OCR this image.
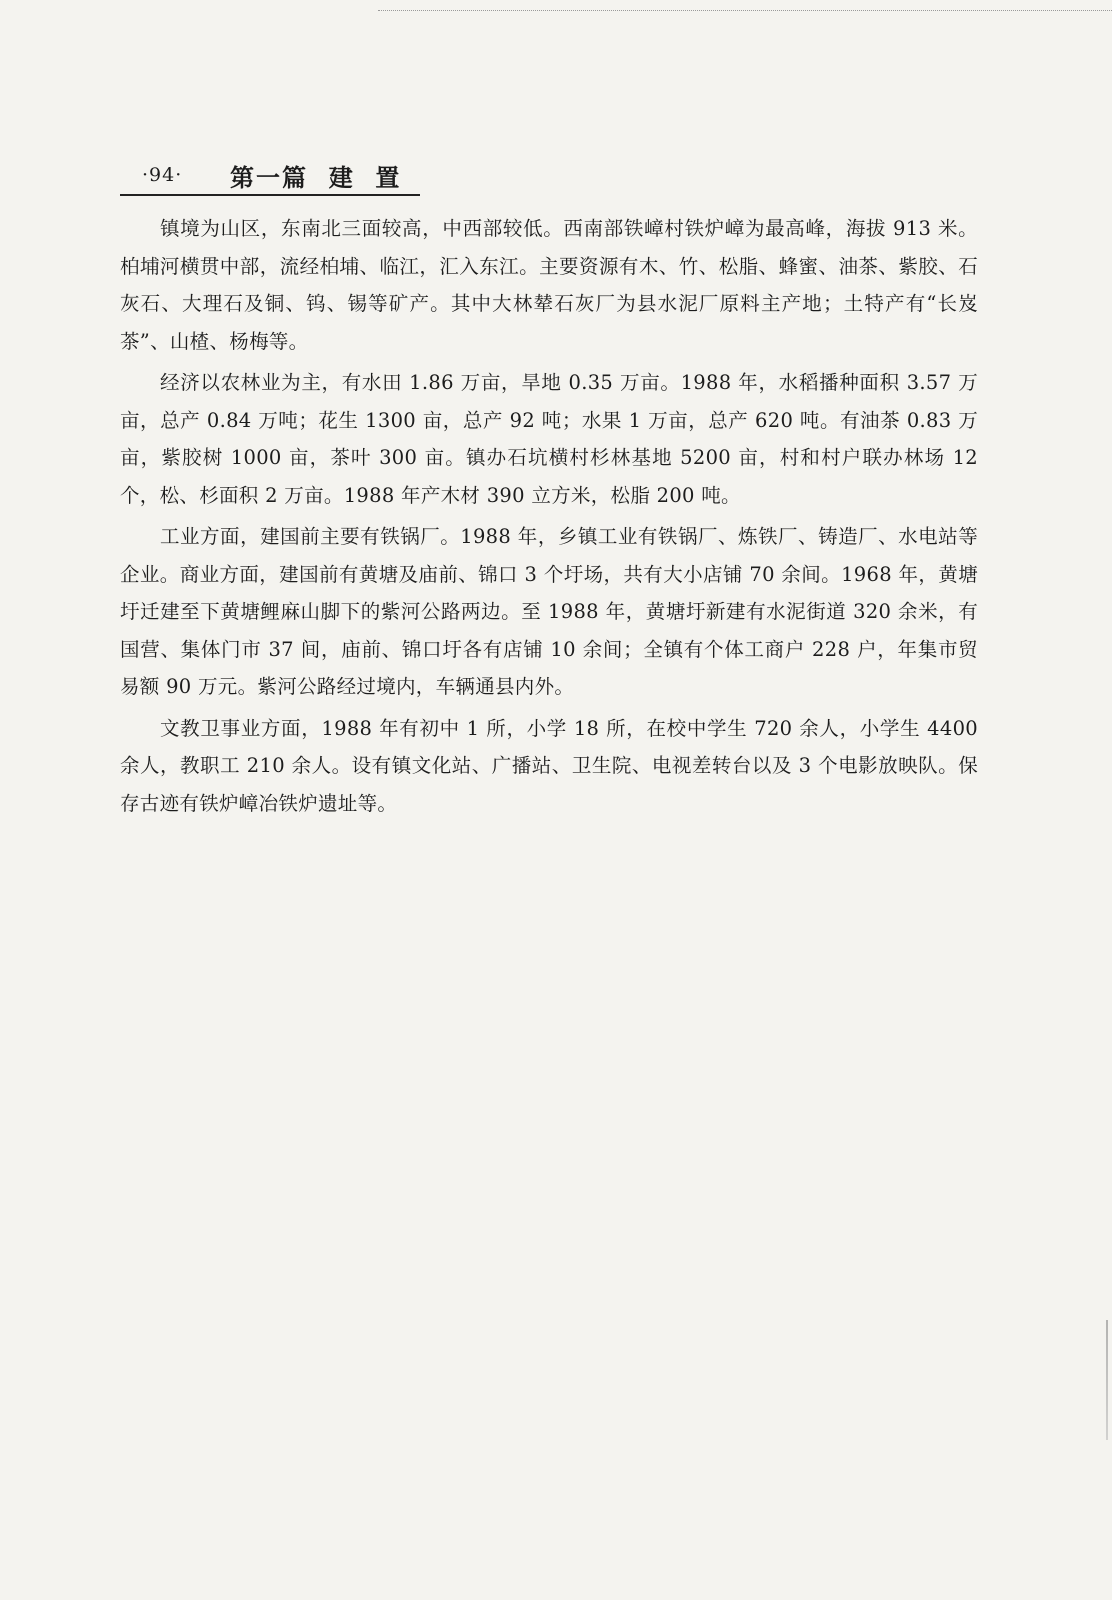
·94· 第一篇  建  置

镇境为山区，东南北三面较高，中西部较低。西南部铁嶂村铁炉嶂为最高峰，海拔 913 米。柏埔河横贯中部，流经柏埔、临江，汇入东江。主要资源有木、竹、松脂、蜂蜜、油茶、紫胶、石灰石、大理石及铜、钨、锡等矿产。其中大林辇石灰厂为县水泥厂原料主产地；土特产有“长岌茶”、山楂、杨梅等。

经济以农林业为主，有水田 1.86 万亩，旱地 0.35 万亩。1988 年，水稻播种面积 3.57 万亩，总产 0.84 万吨；花生 1300 亩，总产 92 吨；水果 1 万亩，总产 620 吨。有油茶 0.83 万亩，紫胶树 1000 亩，茶叶 300 亩。镇办石坑横村杉林基地 5200 亩，村和村户联办林场 12 个，松、杉面积 2 万亩。1988 年产木材 390 立方米，松脂 200 吨。

工业方面，建国前主要有铁锅厂。1988 年，乡镇工业有铁锅厂、炼铁厂、铸造厂、水电站等企业。商业方面，建国前有黄塘及庙前、锦口 3 个圩场，共有大小店铺 70 余间。1968 年，黄塘圩迁建至下黄塘鲤麻山脚下的紫河公路两边。至 1988 年，黄塘圩新建有水泥街道 320 余米，有国营、集体门市 37 间，庙前、锦口圩各有店铺 10 余间；全镇有个体工商户 228 户，年集市贸易额 90 万元。紫河公路经过境内，车辆通县内外。

文教卫事业方面，1988 年有初中 1 所，小学 18 所，在校中学生 720 余人，小学生 4400 余人，教职工 210 余人。设有镇文化站、广播站、卫生院、电视差转台以及 3 个电影放映队。保存古迹有铁炉嶂冶铁炉遗址等。
